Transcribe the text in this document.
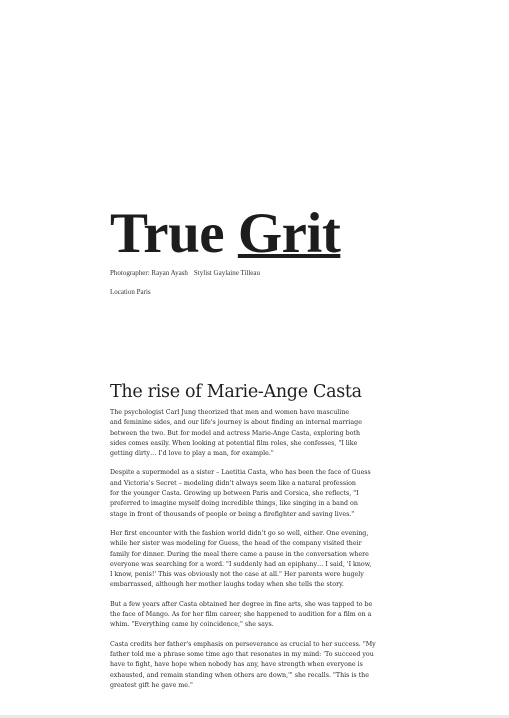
True Grit
Photographer: Rayan Ayash Stylist Gaylaine Tilleau
Location Paris
The rise of Marie-Ange Casta

The psychologist Carl Jung theorized that men and women have masculine
and feminine sides, and our life's journey is about finding an internal marriage
between the two. But for model and actress Marie-Ange Casta, exploring both
sides comes easily. When looking at potential film roles, she confesses, "I like
getting dirty… I'd love to play a man, for example."

Despite a supermodel as a sister – Laetitia Casta, who has been the face of Guess
and Victoria's Secret – modeling didn't always seem like a natural profession
for the younger Casta. Growing up between Paris and Corsica, she reflects, "I
preferred to imagine myself doing incredible things, like singing in a band on
stage in front of thousands of people or being a firefighter and saving lives."

Her first encounter with the fashion world didn't go so well, either. One evening,
while her sister was modeling for Guess, the head of the company visited their
family for dinner. During the meal there came a pause in the conversation where
everyone was searching for a word. "I suddenly had an epiphany… I said, 'I know,
I know, penis!' This was obviously not the case at all." Her parents were hugely
embarrassed, although her mother laughs today when she tells the story.

But a few years after Casta obtained her degree in fine arts, she was tapped to be
the face of Mango. As for her film career, she happened to audition for a film on a
whim. "Everything came by coincidence," she says.

Casta credits her father's emphasis on perseverance as crucial to her success. "My
father told me a phrase some time ago that resonates in my mind: 'To succeed you
have to fight, have hope when nobody has any, have strength when everyone is
exhausted, and remain standing when others are down,'" she recalls. "This is the
greatest gift he gave me."
